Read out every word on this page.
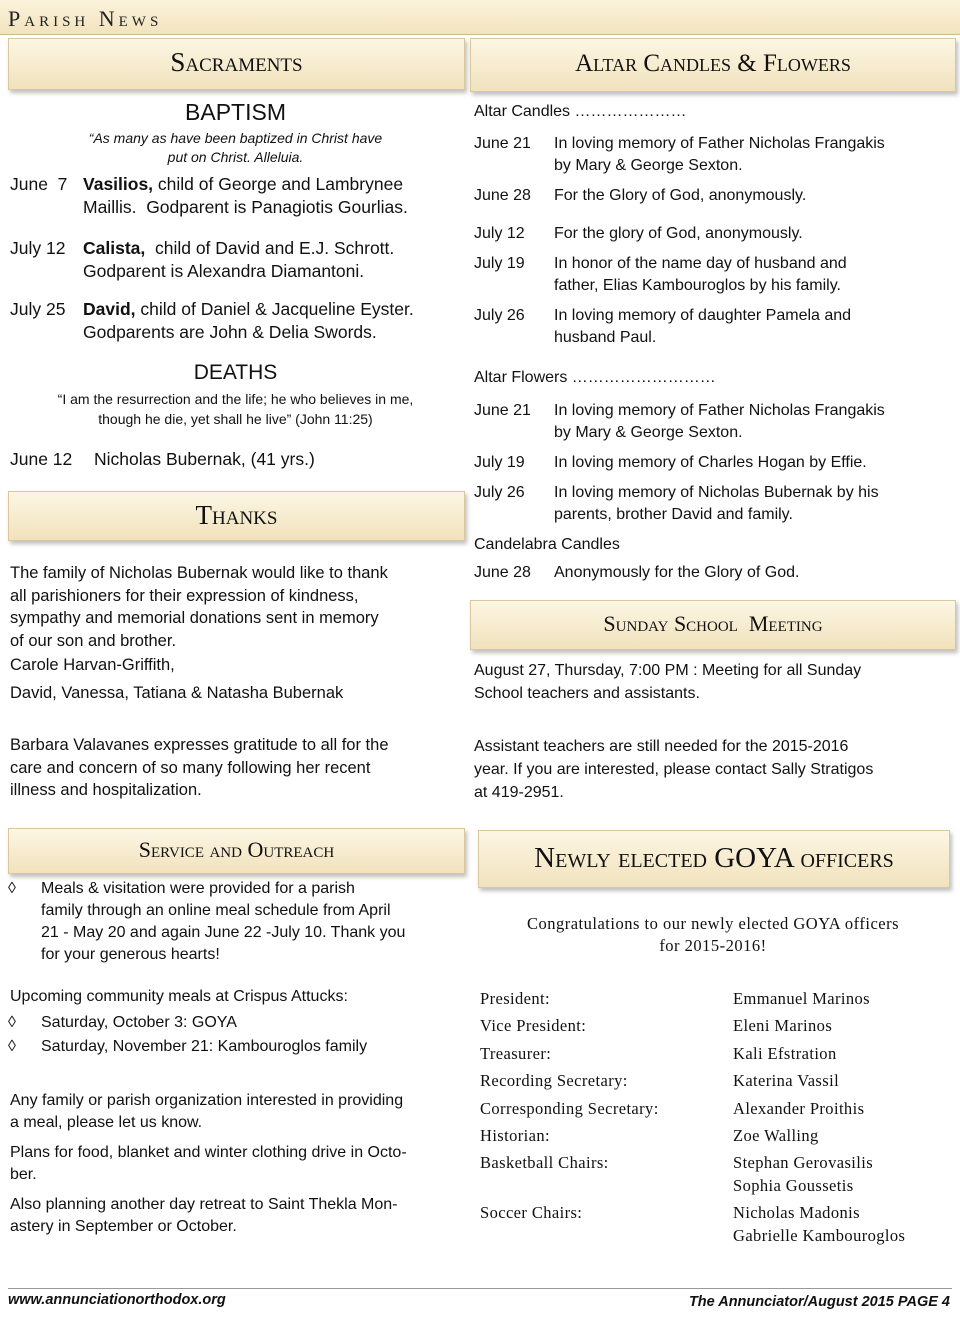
Parish News
Sacraments
BAPTISM
“As many as have been baptized in Christ have
put on Christ. Alleluia.
June  7 Vasilios, child of George and Lambrynee
Maillis.  Godparent is Panagiotis Gourlias.
July 12 Calista,  child of David and E.J. Schrott.
Godparent is Alexandra Diamantoni.
July 25 David, child of Daniel & Jacqueline Eyster.
Godparents are John & Delia Swords.
DEATHS
“I am the resurrection and the life; he who believes in me,
though he die, yet shall he live” (John 11:25)
June 12 Nicholas Bubernak, (41 yrs.)
Thanks
The family of Nicholas Bubernak would like to thank
all parishioners for their expression of kindness,
sympathy and memorial donations sent in memory
of our son and brother.
Carole Harvan-Griffith,
David, Vanessa, Tatiana & Natasha Bubernak
Barbara Valavanes expresses gratitude to all for the
care and concern of so many following her recent
illness and hospitalization.
Altar Candles & Flowers
Altar Candles …………………
June 21 In loving memory of Father Nicholas Frangakis
by Mary & George Sexton.
June 28 For the Glory of God, anonymously.
July 12 For the glory of God, anonymously.
July 19 In honor of the name day of husband and
father, Elias Kambouroglos by his family.
July 26 In loving memory of daughter Pamela and
husband Paul.
Altar Flowers ………………………
June 21 In loving memory of Father Nicholas Frangakis
by Mary & George Sexton.
July 19 In loving memory of Charles Hogan by Effie.
July 26 In loving memory of Nicholas Bubernak by his
parents, brother David and family.
Candelabra Candles
June 28 Anonymously for the Glory of God.
Sunday School  Meeting
August 27, Thursday, 7:00 PM : Meeting for all Sunday
School teachers and assistants.
Assistant teachers are still needed for the 2015-2016
year. If you are interested, please contact Sally Stratigos
at 419-2951.
Service and Outreach
◊ Meals & visitation were provided for a parish
family through an online meal schedule from April
21 - May 20 and again June 22 -July 10. Thank you
for your generous hearts!
Upcoming community meals at Crispus Attucks:
◊ Saturday, October 3: GOYA
◊ Saturday, November 21: Kambouroglos family
Any family or parish organization interested in providing
a meal, please let us know.
Plans for food, blanket and winter clothing drive in Octo-
ber.
Also planning another day retreat to Saint Thekla Mon-
astery in September or October.
Newly elected GOYA officers
Congratulations to our newly elected GOYA officers
for 2015-2016!
President:	Emmanuel Marinos
Vice President:	Eleni Marinos
Treasurer:	Kali Efstration
Recording Secretary:	Katerina Vassil
Corresponding Secretary:	Alexander Proithis
Historian:	Zoe Walling
Basketball Chairs:	Stephan Gerovasilis
Sophia Goussetis
Soccer Chairs:	Nicholas Madonis
Gabrielle Kambouroglos
www.annunciationorthodox.org	The Annunciator/August 2015 PAGE 4
